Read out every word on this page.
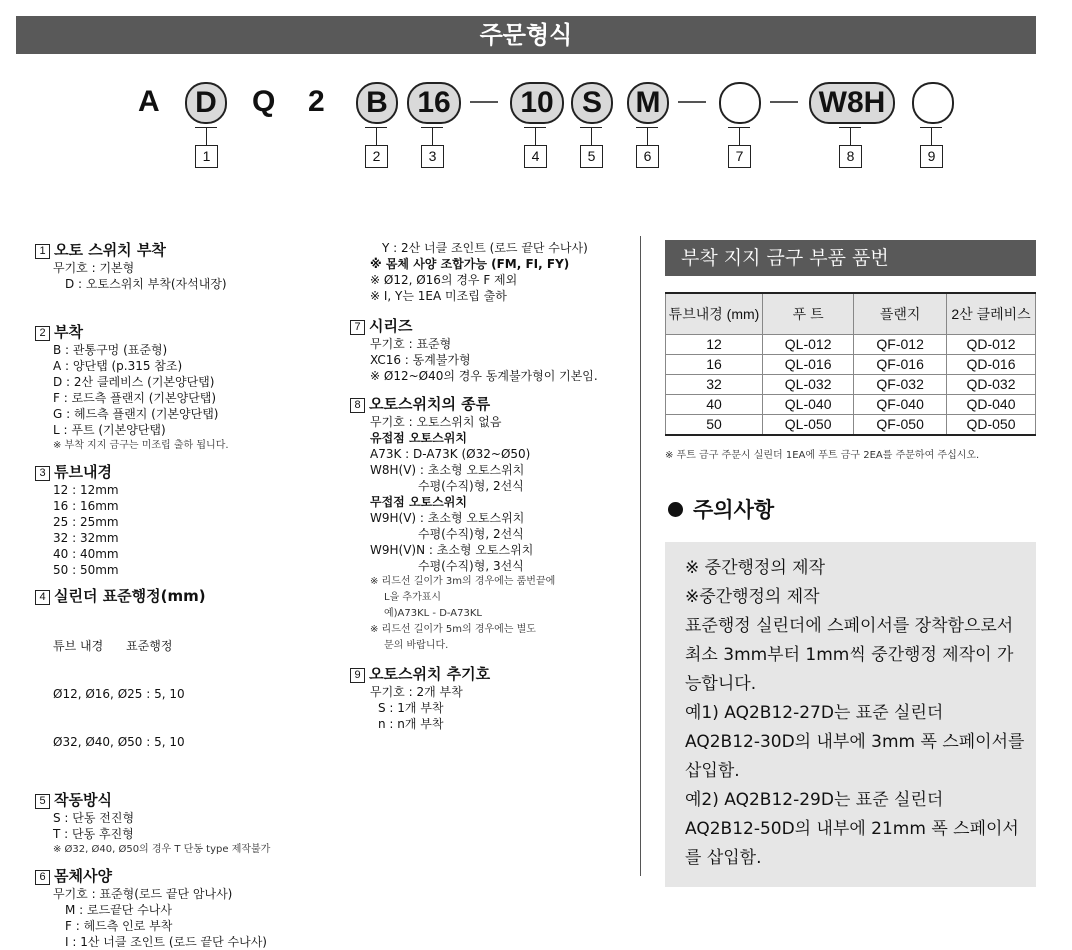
주문형식
A	D	Q 2	B 16	10 S	M	W8H
1	2	3	4	5	6	7	8	9
1 오토 스위치 부착
무기호 : 기본형
D : 오토스위치 부착(자석내장)
2 부착
B : 관통구멍 (표준형)
A : 양단탭 (p.315 참조)
D : 2산 클레비스 (기본양단탭)
F : 로드측 플랜지 (기본양단탭)
G : 헤드측 플랜지 (기본양단탭)
L : 푸트 (기본양단탭)
※ 부착 지지 금구는 미조립 출하 됩니다.
3 튜브내경
12 : 12mm
16 : 16mm
25 : 25mm
32 : 32mm
40 : 40mm
50 : 50mm
4 실린더 표준행정(mm)

튜브 내경      표준행정

Ø12, Ø16, Ø25 : 5, 10

Ø32, Ø40, Ø50 : 5, 10

5 작동방식
S : 단동 전진형
T : 단동 후진형
※ Ø32, Ø40, Ø50의 경우 T 단동 type 제작불가
6 몸체사양
무기호 : 표준형(로드 끝단 암나사)
M : 로드끝단 수나사
F : 헤드측 인로 부착
I : 1산 너클 조인트 (로드 끝단 수나사)
Y : 2산 너클 조인트 (로드 끝단 수나사)
※ 몸체 사양 조합가능 (FM, FI, FY)
※ Ø12, Ø16의 경우 F 제외
※ I, Y는 1EA 미조립 출하
7 시리즈
무기호 : 표준형
XC16 : 동계불가형
※ Ø12~Ø40의 경우 동계불가형이 기본임.
8 오토스위치의 종류
무기호 : 오토스위치 없음
유접점 오토스위치
A73K : D-A73K (Ø32~Ø50)
W8H(V) : 초소형 오토스위치
수평(수직)형, 2선식
무접점 오토스위치
W9H(V) : 초소형 오토스위치
수평(수직)형, 2선식
W9H(V)N : 초소형 오토스위치
수평(수직)형, 3선식
※ 리드선 길이가 3m의 경우에는 품번끝에
L을 추가표시
예)A73KL - D-A73KL
※ 리드선 길이가 5m의 경우에는 별도
문의 바랍니다.
9 오토스위치 추기호
무기호 : 2개 부착
S : 1개 부착
n : n개 부착
부착 지지 금구 부품 품번
튜브내경 (mm)	푸 트	플랜지	2산 클레비스
12	QL-012	QF-012	QD-012
16	QL-016	QF-016	QD-016
32	QL-032	QF-032	QD-032
40	QL-040	QF-040	QD-040
50	QL-050	QF-050	QD-050
※ 푸트 금구 주문시 실린더 1EA에 푸트 금구 2EA를 주문하여 주십시오.
주의사항
※ 중간행정의 제작
※중간행정의 제작
표준행정 실린더에 스페이서를 장착함으로서
최소 3mm부터 1mm씩 중간행정 제작이 가
능합니다.
예1) AQ2B12-27D는 표준 실린더
AQ2B12-30D의 내부에 3mm 폭 스페이서를
삽입함.
예2) AQ2B12-29D는 표준 실린더
AQ2B12-50D의 내부에 21mm 폭 스페이서
를 삽입함.
